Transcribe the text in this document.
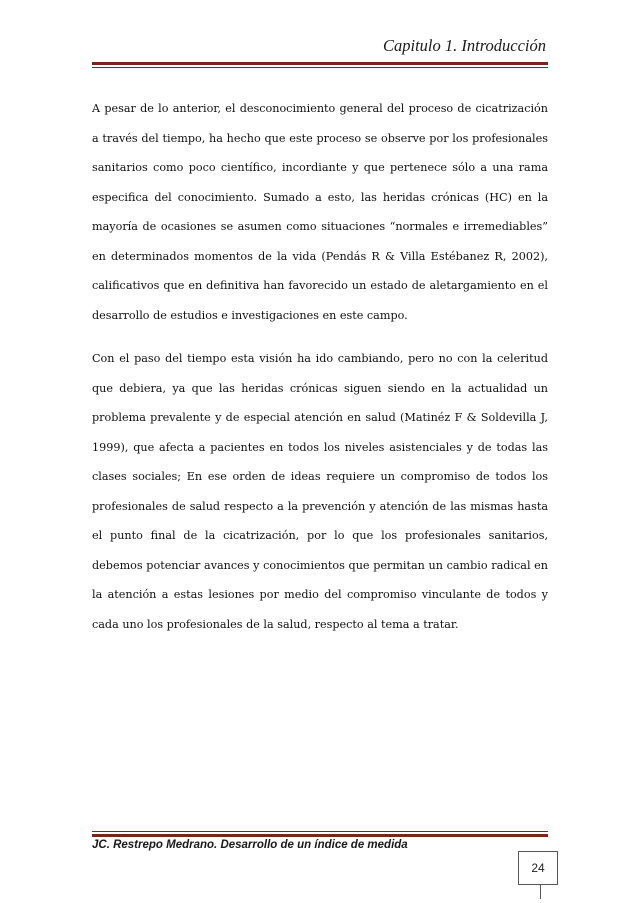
Capitulo 1. Introducción

A pesar de lo anterior, el desconocimiento general del proceso de cicatrización a través del tiempo, ha hecho que este proceso se observe por los profesionales sanitarios como poco científico, incordiante y que pertenece sólo a una rama especifica del conocimiento. Sumado a esto, las heridas crónicas (HC) en la mayoría de ocasiones se asumen como situaciones “normales e irremediables” en determinados momentos de la vida (Pendás R & Villa Estébanez R, 2002), calificativos que en definitiva han favorecido un estado de aletargamiento en el desarrollo de estudios e investigaciones en este campo.

Con el paso del tiempo esta visión ha ido cambiando, pero no con la celeritud que debiera, ya que las heridas crónicas siguen siendo en la actualidad un problema prevalente y de especial atención en salud (Matinéz F & Soldevilla J, 1999), que afecta a pacientes en todos los niveles asistenciales y de todas las clases sociales; En ese orden de ideas requiere un compromiso de todos los profesionales de salud respecto a la prevención y atención de las mismas hasta el punto final de la cicatrización, por lo que los profesionales sanitarios, debemos potenciar avances y conocimientos que permitan un cambio radical en la atención a estas lesiones por medio del compromiso vinculante de todos y cada uno los profesionales de la salud, respecto al tema a tratar.

JC. Restrepo Medrano. Desarrollo de un índice de medida
24
